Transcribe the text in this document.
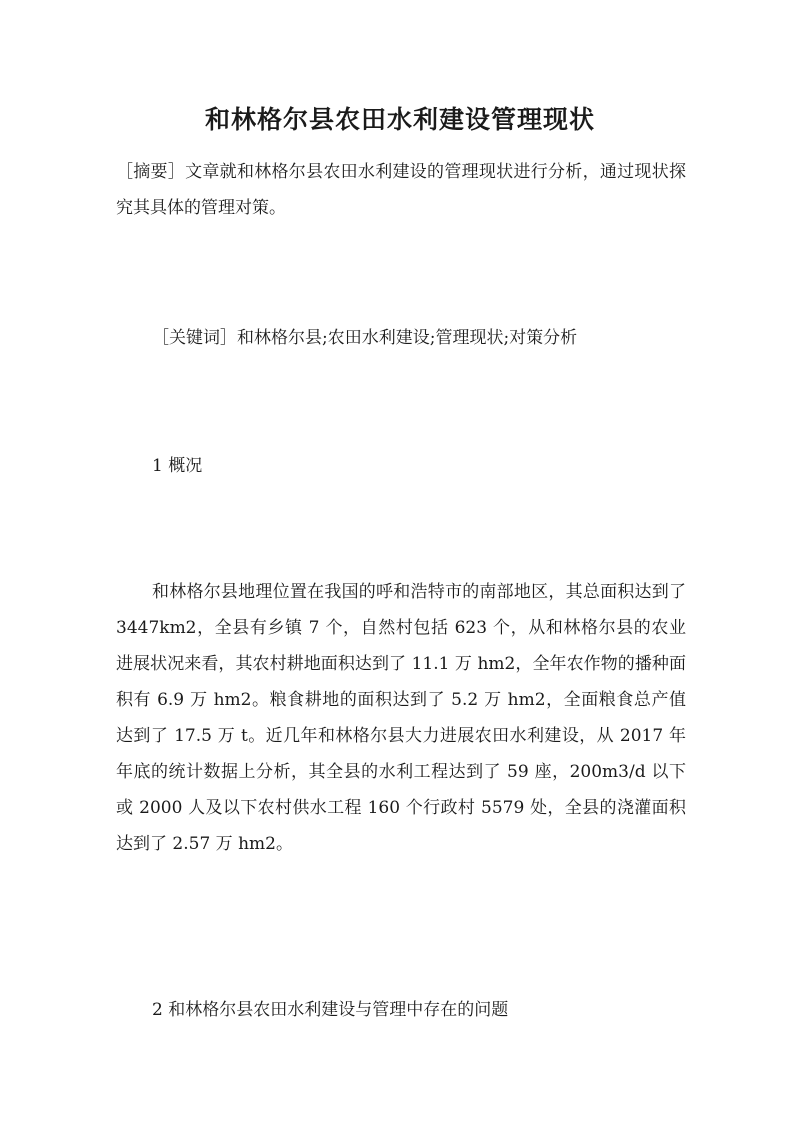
和林格尔县农田水利建设管理现状
［摘要］文章就和林格尔县农田水利建设的管理现状进行分析，通过现状探究其具体的管理对策。
［关键词］和林格尔县;农田水利建设;管理现状;对策分析
1 概况
和林格尔县地理位置在我国的呼和浩特市的南部地区，其总面积达到了 3447km2，全县有乡镇 7 个，自然村包括 623 个，从和林格尔县的农业进展状况来看，其农村耕地面积达到了 11.1 万 hm2，全年农作物的播种面积有 6.9 万 hm2。粮食耕地的面积达到了 5.2 万 hm2，全面粮食总产值达到了 17.5 万 t。近几年和林格尔县大力进展农田水利建设，从 2017 年年底的统计数据上分析，其全县的水利工程达到了 59 座，200m3/d 以下或 2000 人及以下农村供水工程 160 个行政村 5579 处，全县的浇灌面积达到了 2.57 万 hm2。
2 和林格尔县农田水利建设与管理中存在的问题
